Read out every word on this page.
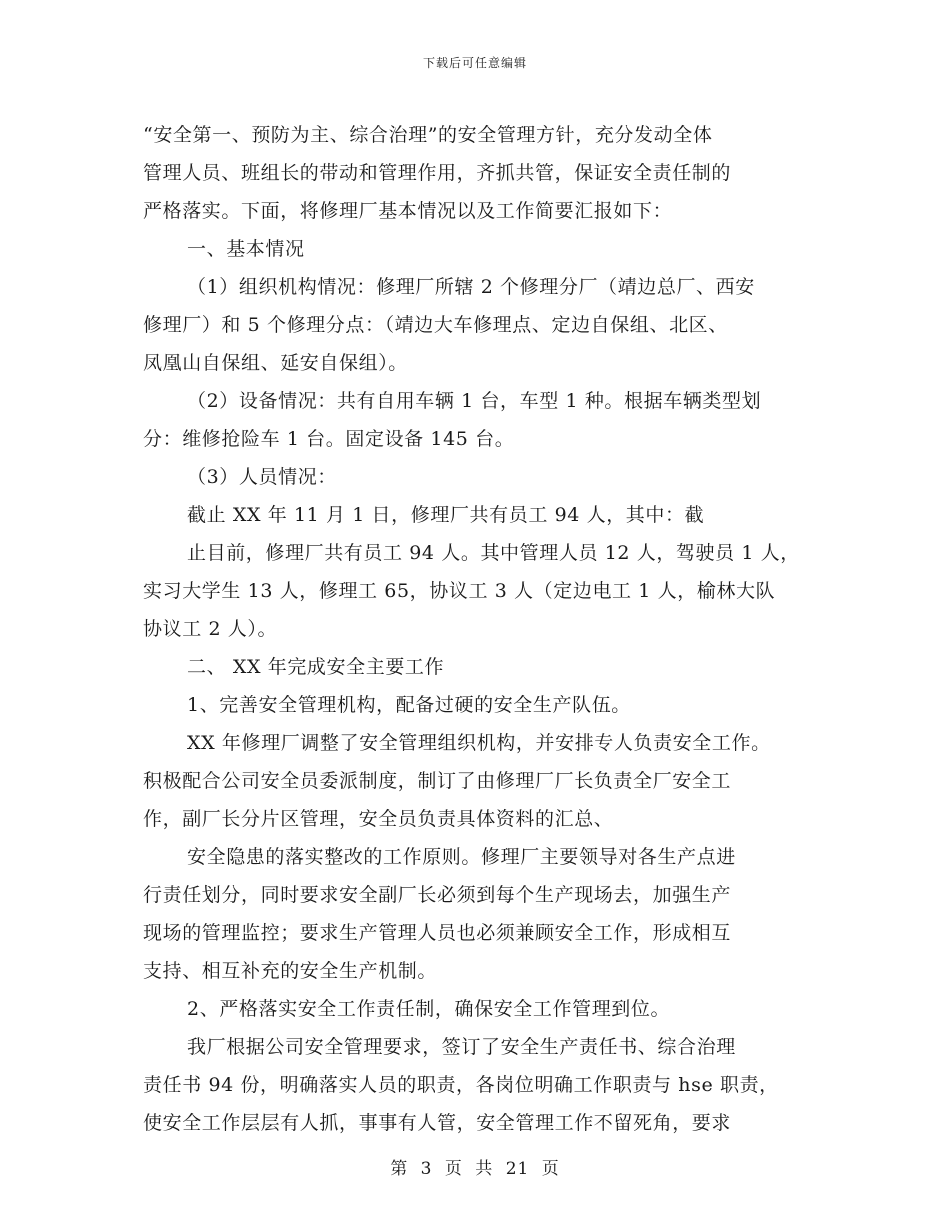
下载后可任意编辑
“安全第一、预防为主、综合治理”的安全管理方针，充分发动全体
管理人员、班组长的带动和管理作用，齐抓共管，保证安全责任制的
严格落实。下面，将修理厂基本情况以及工作简要汇报如下：
一、基本情况
（1）组织机构情况：修理厂所辖 2 个修理分厂（靖边总厂、西安
修理厂）和 5 个修理分点：（靖边大车修理点、定边自保组、北区、
凤凰山自保组、延安自保组）。
（2）设备情况：共有自用车辆 1 台，车型 1 种。根据车辆类型划
分：维修抢险车 1 台。固定设备 145 台。
（3）人员情况：
截止 XX 年 11 月 1 日，修理厂共有员工 94 人，其中：截
止目前，修理厂共有员工 94 人。其中管理人员 12 人，驾驶员 1 人，
实习大学生 13 人，修理工 65，协议工 3 人（定边电工 1 人，榆林大队
协议工 2 人）。
二、 XX 年完成安全主要工作
1、完善安全管理机构，配备过硬的安全生产队伍。
XX 年修理厂调整了安全管理组织机构，并安排专人负责安全工作。
积极配合公司安全员委派制度，制订了由修理厂厂长负责全厂安全工
作，副厂长分片区管理，安全员负责具体资料的汇总、
安全隐患的落实整改的工作原则。修理厂主要领导对各生产点进
行责任划分，同时要求安全副厂长必须到每个生产现场去，加强生产
现场的管理监控；要求生产管理人员也必须兼顾安全工作，形成相互
支持、相互补充的安全生产机制。
2、严格落实安全工作责任制，确保安全工作管理到位。
我厂根据公司安全管理要求，签订了安全生产责任书、综合治理
责任书 94 份，明确落实人员的职责，各岗位明确工作职责与 hse 职责，
使安全工作层层有人抓，事事有人管，安全管理工作不留死角，要求
第 3 页 共 21 页
